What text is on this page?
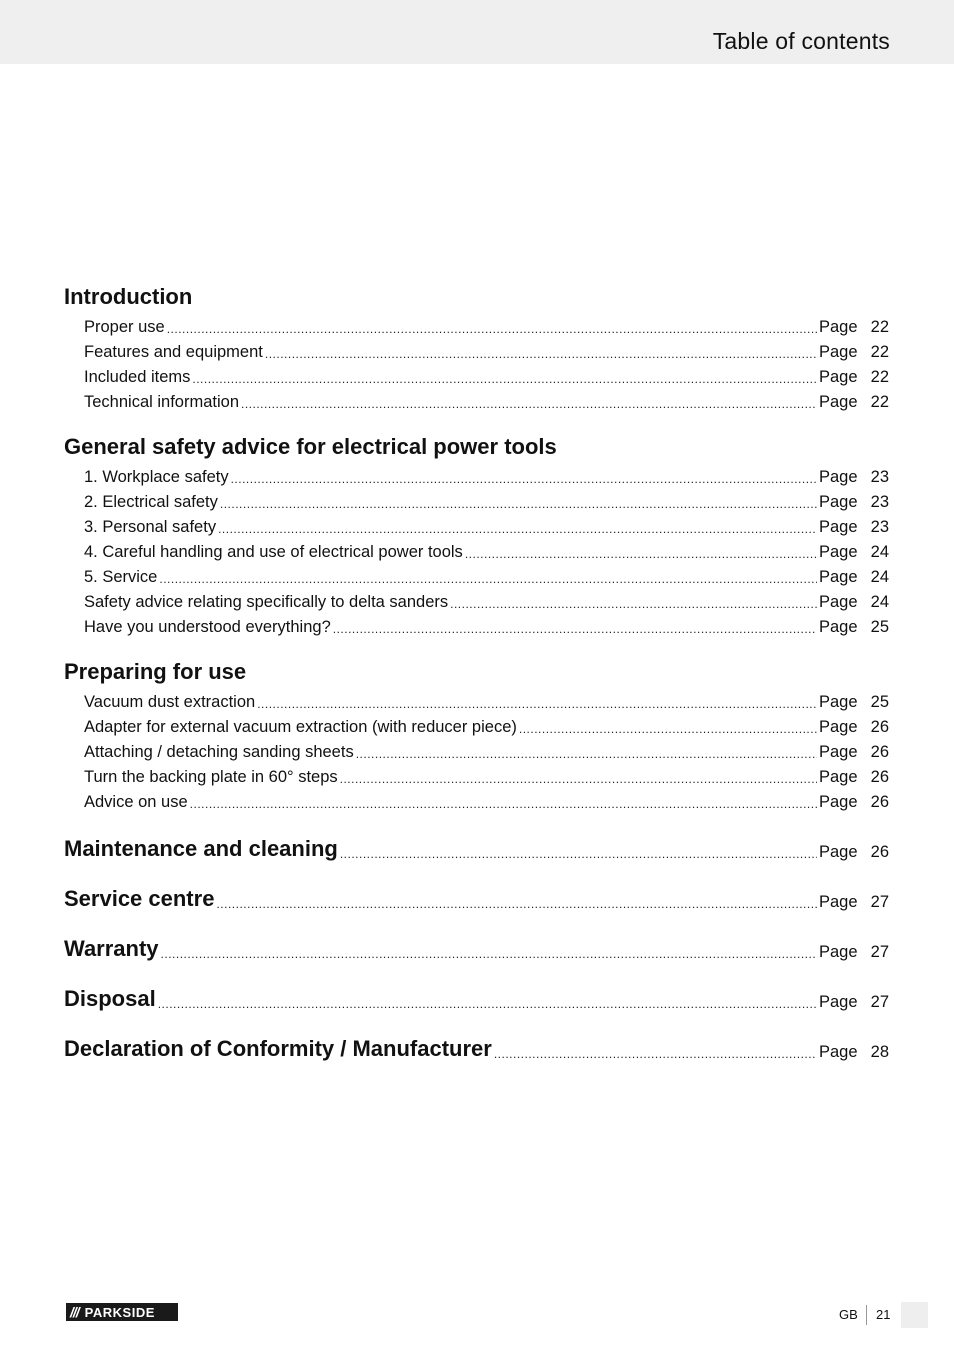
Table of contents
Introduction
Proper use .....	Page 22
Features and equipment .....	Page 22
Included items .....	Page 22
Technical information .....	Page 22
General safety advice for electrical power tools
1. Workplace safety .....	Page 23
2. Electrical safety .....	Page 23
3. Personal safety .....	Page 23
4. Careful handling and use of electrical power tools .....	Page 24
5. Service .....	Page 24
Safety advice relating specifically to delta sanders .....	Page 24
Have you understood everything? .....	Page 25
Preparing for use
Vacuum dust extraction .....	Page 25
Adapter for external vacuum extraction (with reducer piece) .....	Page 26
Attaching / detaching sanding sheets .....	Page 26
Turn the backing plate in 60° steps .....	Page 26
Advice on use .....	Page 26
Maintenance and cleaning .....	Page 26
Service centre .....	Page 27
Warranty .....	Page 27
Disposal .....	Page 27
Declaration of Conformity / Manufacturer .....	Page 28
/// PARKSIDE	GB 21
